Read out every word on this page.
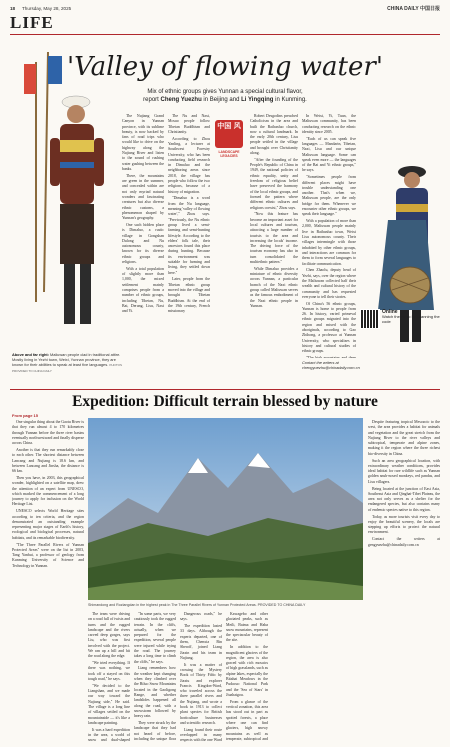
18 Thursday, May 28, 2025	CHINA DAILY 中国日报
LIFE
'Valley of flowing water'
Mix of ethnic groups gives Yunnan a special cultural flavor,
report Cheng Yuezhu in Beijing and Li Yingqing in Kunming.

The Nujiang Grand Canyon in Yunnan province, with its sublime beauty, is now backed by fans of road trips who would like to drive on the highway along the Nujiang River and listen to the sound of rushing water gushing between the banks.

There, the mountains are green in the summer, and concealed within are not only myriad natural wonders and fascinating creatures but also diverse ethnic customs, a phenomenon shaped by Yunnan's geography.

One such hidden place is Dimaluo, a rustic village in Gongshan Dulong and Nu autonomous county, known for its diverse ethnic groups and religions.

With a total population of slightly more than 1,000, the mixed settlement mainly comprises people from a number of ethnic groups, including Tibetan, Nu, Bai, Derung, Lisu, Naxi and Yi.

The Nu and Naxi, Mosuo people follow Tibetan Buddhism and Christianity.

According to Zhou Yanling, a lecturer at Southwest Forestry University, who has been conducting field research in Dimaluo and the neighboring areas since 2018, the village has people who follow the two religions, because of a history of migration.

"Dimaluo is a word from the Nu language, meaning 'valley of flowing water'," Zhou says. "Previously, the Nu ethnic group lived a semi-farming and semi-hunting lifestyle. According to the elders' folk tale, their ancestors found this place during hunting. Because its environment was suitable for farming and living, they settled down here."

Later, people from the Tibetan ethnic group moved into the village and brought Tibetan Buddhism. At the end of the 19th century, French missionary

中国 风
LANDSCAPE LEGACIES

Robert Desgodins preached Catholicism in the area and built the Baihanluo church, now a cultural landmark. In the early 20th century, Lisu people settled in the village and brought over Christianity along.

"After the founding of the People's Republic of China in 1949, the national policies of ethnic equality, unity and freedom of religious belief have preserved the harmony of the local ethnic groups, and formed the pattern where different ethnic cultures and religions coexist," Zhou says.

"Now this feature has become an important asset for local cultures and tourism, attracting a large number of tourists to the area and increasing the locals' income. The driving force of the tourism economy has also in turn consolidated the multiethnic pattern."

While Dimaluo provides a miniature of ethnic diversity across Yunnan, a particular branch of the Naxi ethnic group called Maliuwan serves as the famous embodiment of the Naxi ethnic people in Yunnan.

In Weixi, Yi, Tuan, the Maliuwan community, has been conducting research on the ethnic identity since 2005.

"Each of us can speak five languages — Mandarin, Tibetan, Naxi, Lisu and our unique Maliuwan language. Some can speak even more — the languages of the Bai and Yi ethnic groups," he says.

"Sometimes people from different places might have trouble understanding one another. That's when we, Maliuwan people, are the only bridge for them. Whenever we encounter other ethnic groups, we speak their language."

With a population of more than 2,000, Maliuwan people mainly live in Baihanluo town, Weixi Lisu autonomous county. Their villages intermingle with those inhabited by other ethnic groups, and interactions are common for them to form several languages to facilitate communication.

Chen Zhaolu, deputy head of Yezhi, says, over the region where the Maliuwan collected half their wealth and cultural history of the community and has requested everyone to tell their stories.

Of China's 56 ethnic groups, Yunnan is home to people from 26. In history, varied primeval ethnic groups migrated into the region and mixed with the aboriginals, according to Gao Zhihong, a professor at Yunnan University, who specializes in history and cultural studies of ethnic groups.

Contact the writers at
chengyuezhu@chinadaily.com.cn
Online
Watch the video by scanning the code
Above and far right: Maliuwan people clad in traditional attire. Mostly living in Yezhi town, Weixi, Yunnan province, they are known for their abilities to speak at least five languages. PHOTOS PROVIDED TO CHINA DAILY
Expedition: Difficult terrain blessed by nature
From page 15

One singular thing about the Gaotu River is that they run almost 4 to 170 kilometres through Yunnan before the three river basins eventually northwestward and finally disperse across China.

Another is that they run remarkably close to each other. The shortest distance between Lancang and Nujiang is 18.6 km, and between Lancang and Jinsha, the distance is 66 km.

Then you have, in 2003, this geographical wonder, highlighted on a satellite map, drew the attention of an expert from UNESCO, which marked the commencement of a long journey to apply for inclusion on the World Heritage List.

UNESCO selects World Heritage sites according to ten criteria, and the region demonstrated an outstanding example representing major stages of Earth's history, ecological and biological processes, natural habitats, and its remarkable biodiversity.

"The Three Parallel Rivers of Yunnan Protected Areas" were on the list in 2003, Tang Yanhui, a professor of geology from Kunming University of Science and Technology in Yunnan.

Shimandong and Rozlangdan in the highest peak in The Three Parallel Rivers of Yunnan Protected Areas. PROVIDED TO CHINA DAILY

The team were driving on a road full of twists and turns and the rugged landscape and the rivers carved deep gorges, says Liu, who was first involved with the project. We ran up a hill and hit the road along the edge.

"We tried everything. If there was nothing, we took off a stayed on this tough road," he says.

"We decided to the Liangshan, and we made our way toward the Nujiang side," He said. The village is a long line of villages settled on the mountainside — it's like a landscape painting.

It was a hard expedition in the area, a world of snow and dual-shaped

"In some parts, we very cautiously took the rugged terrain. In the cliffs, actually, when we prepared for the expedition, several people were injured while trying the road. The journey takes a long time to climb the cliffs," he says.

Liang remembers how the weather kept changing when they climbed over the Biluo Snow Mountains located in the Gaoligong Range, and whether landslides happened all along the road, with a snowstorm followed by heavy rain.

They were struck by the landscape that they had not heard of before, including the unique flora

Dangerous roads," he says.

The expedition lasted 33 days. Although the experts departed, one of them, Chenxia Bin Sheroff, joined Liang Jiaxin and his team in Nujiang.

It was a matter of crossing the Mystery Book of Thirty Fiftic by Jiaxiu and explorer Francis Kingdon-Ward, who traveled across the three parallel rivers and the Nujiang, and wrote a book in 1913 to collect plant species for British horticulture businesses and scientific research.

Liang found their route overlapped in many respects with the one Ward

Kawagebo and other glaciated peaks, such as Meili, Baima and Haba snow mountains, represent the spectacular beauty of the site.

In addition to the magnificent glaciers of the region, the area is also graced with rich mosaics of high grasslands, such as alpine lakes, especially the Bitahai Meadows in the Pudacuo National Park and the 'Sea of Stars' in Jiuzhaigou.

From a glance of the vertical zonation, this area has stood out in part as spotted forests, a place where one can find glaciers, high snowy mountains as well as temperate, subtropical and

Despite featuring tropical Mesozoic to the west, the area provides a habitat for animals and vegetation and the great stretch from the Nujiang River to the river valleys and subtropical, temperate and alpine zones, making it the region where the three richest bio-diversity in China.

Such an area geographical location, with extraordinary weather conditions, provides ideal habitat for rare wildlife such as Yunnan golden snub-nosed monkeys, red pandas, and Lisu villagers.

Being located at the junction of East Asia, Southeast Asia and Qinghai-Tibet Plateau, the area not only serves as a shelter for the endangered species, but also contains many of endemic species native to this region.

Today, as more tourists visit every day to enjoy the beautiful scenery, the locals are stepping up efforts to protect the natural environment.

Contact the writers at gengyuezhu@chinadaily.com.cn
